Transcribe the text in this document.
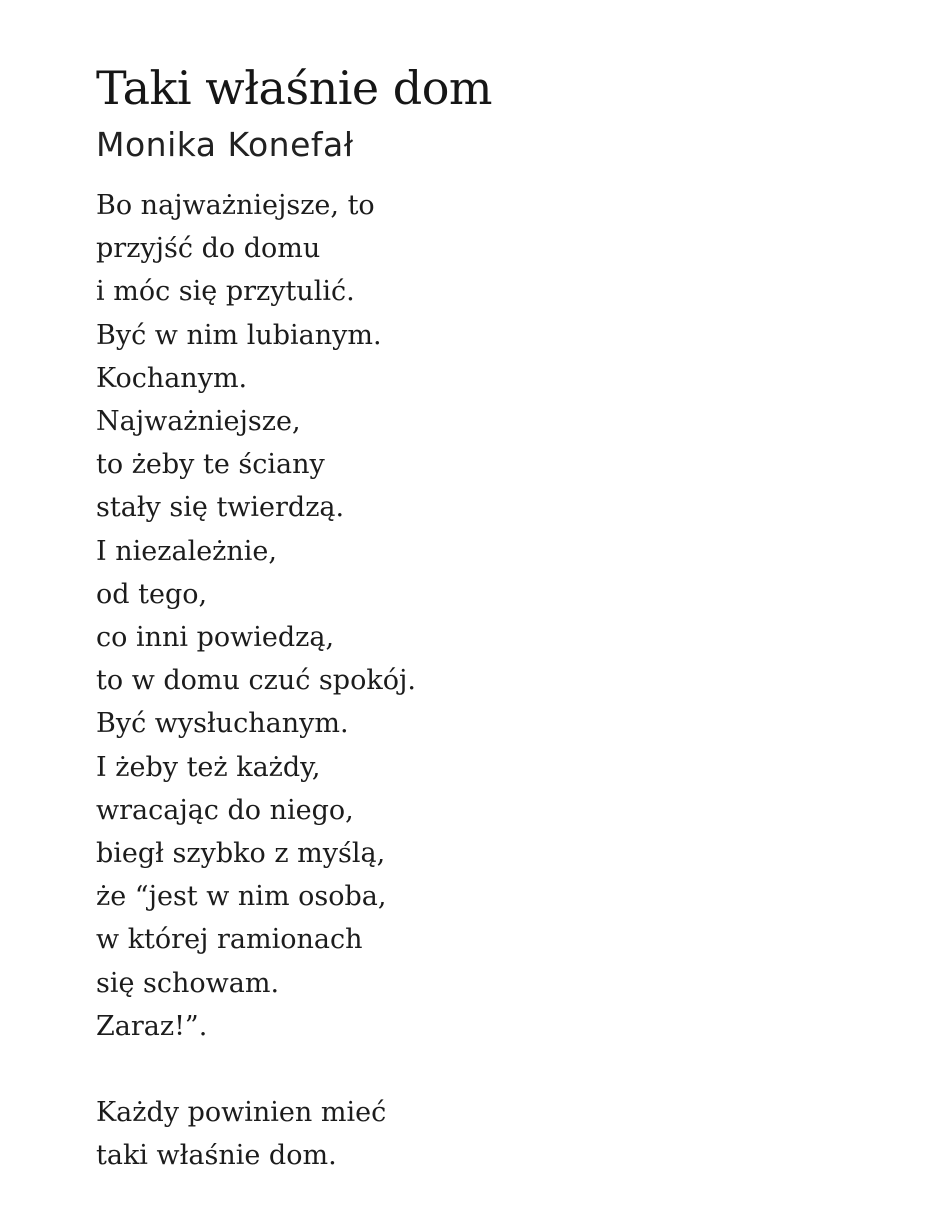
Taki właśnie dom
Monika Konefał
Bo najważniejsze, to
przyjść do domu
i móc się przytulić.
Być w nim lubianym.
Kochanym.
Najważniejsze,
to żeby te ściany
stały się twierdzą.
I niezależnie,
od tego,
co inni powiedzą,
to w domu czuć spokój.
Być wysłuchanym.
I żeby też każdy,
wracając do niego,
biegł szybko z myślą,
że “jest w nim osoba,
w której ramionach
się schowam.
Zaraz!”.
Każdy powinien mieć
taki właśnie dom.
